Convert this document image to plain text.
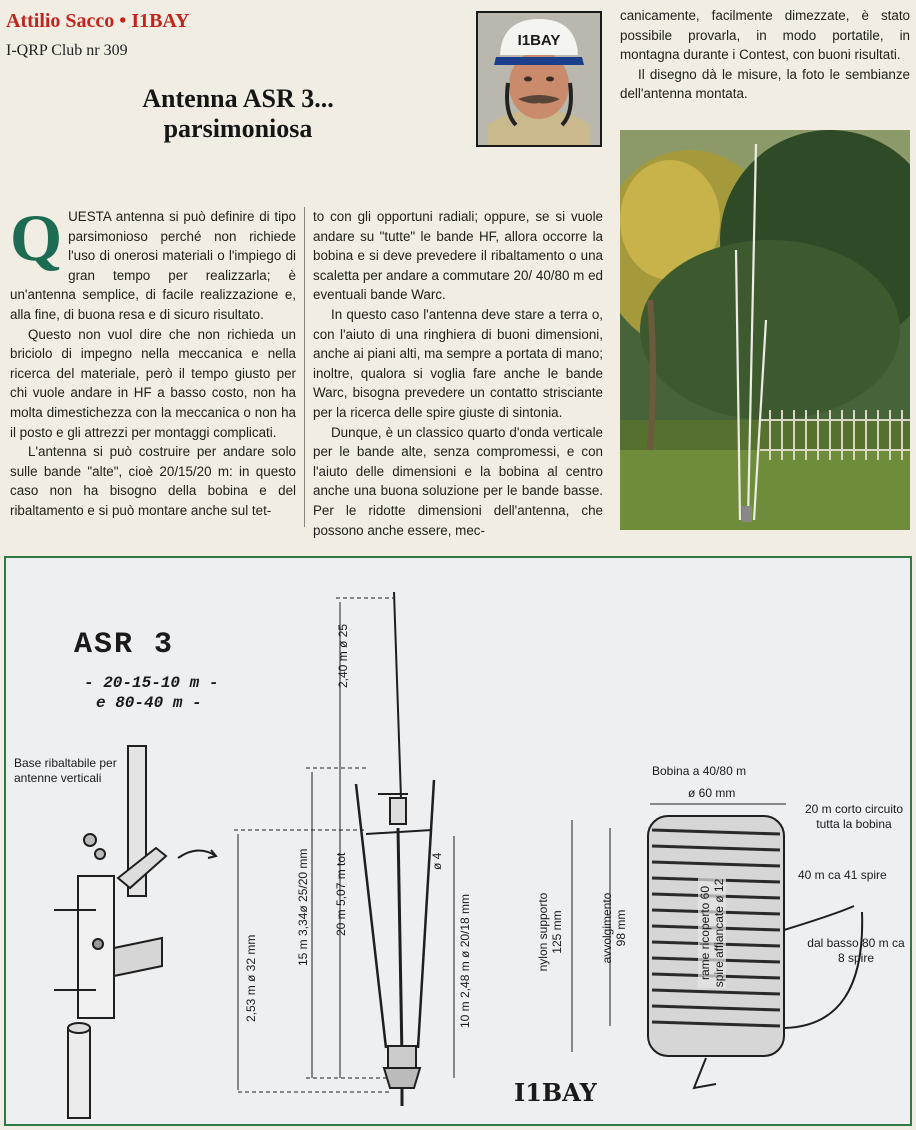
Attilio Sacco • I1BAY
I-QRP Club nr 309
Antenna ASR 3...
parsimoniosa
I1BAY

QUESTA antenna si può definire di tipo parsimonioso perché non richiede l'uso di onerosi materiali o l'impiego di gran tempo per realizzarla; è un'antenna semplice, di facile realizzazione e, alla fine, di buona resa e di sicuro risultato.

Questo non vuol dire che non richieda un briciolo di impegno nella meccanica e nella ricerca del materiale, però il tempo giusto per chi vuole andare in HF a basso costo, non ha molta dimestichezza con la meccanica o non ha il posto e gli attrezzi per montaggi complicati.

L'antenna si può costruire per andare solo sulle bande "alte", cioè 20/15/20 m: in questo caso non ha bisogno della bobina e del ribaltamento e si può montare anche sul tet-

to con gli opportuni radiali; oppure, se si vuole andare su "tutte" le bande HF, allora occorre la bobina e si deve prevedere il ribaltamento o una scaletta per andare a commutare 20/ 40/80 m ed eventuali bande Warc.

In questo caso l'antenna deve stare a terra o, con l'aiuto di una ringhiera di buoni dimensioni, anche ai piani alti, ma sempre a portata di mano; inoltre, qualora si voglia fare anche le bande Warc, bisogna prevedere un contatto strisciante per la ricerca delle spire giuste di sintonia.

Dunque, è un classico quarto d'onda verticale per le bande alte, senza compromessi, e con l'aiuto delle dimensioni e la bobina al centro anche una buona soluzione per le bande basse. Per le ridotte dimensioni dell'antenna, che possono anche essere, mec-

canicamente, facilmente dimezzate, è stato possibile provarla, in modo portatile, in montagna durante i Contest, con buoni risultati.

Il disegno dà le misure, la foto le sembianze dell'antenna montata.

ASR 3
- 20-15-10 m -
e 80-40 m -
Base ribaltabile per antenne verticali
2,40 m ø 25
20 m 5,07 m tot
15 m 3,34ø 25/20 mm
2,53 m ø 32 mm	10 m 2,48 m ø 20/18 mm
ø 4
Bobina a 40/80 m
ø 60 mm
20 m corto circuito tutta la bobina
40 m ca 41 spire
dal basso 80 m ca 8 spire
nylon supporto 125 mm	avvolgimento 98 mm	rame ricoperto 60 spire affiancate ø 12
I1BAY
